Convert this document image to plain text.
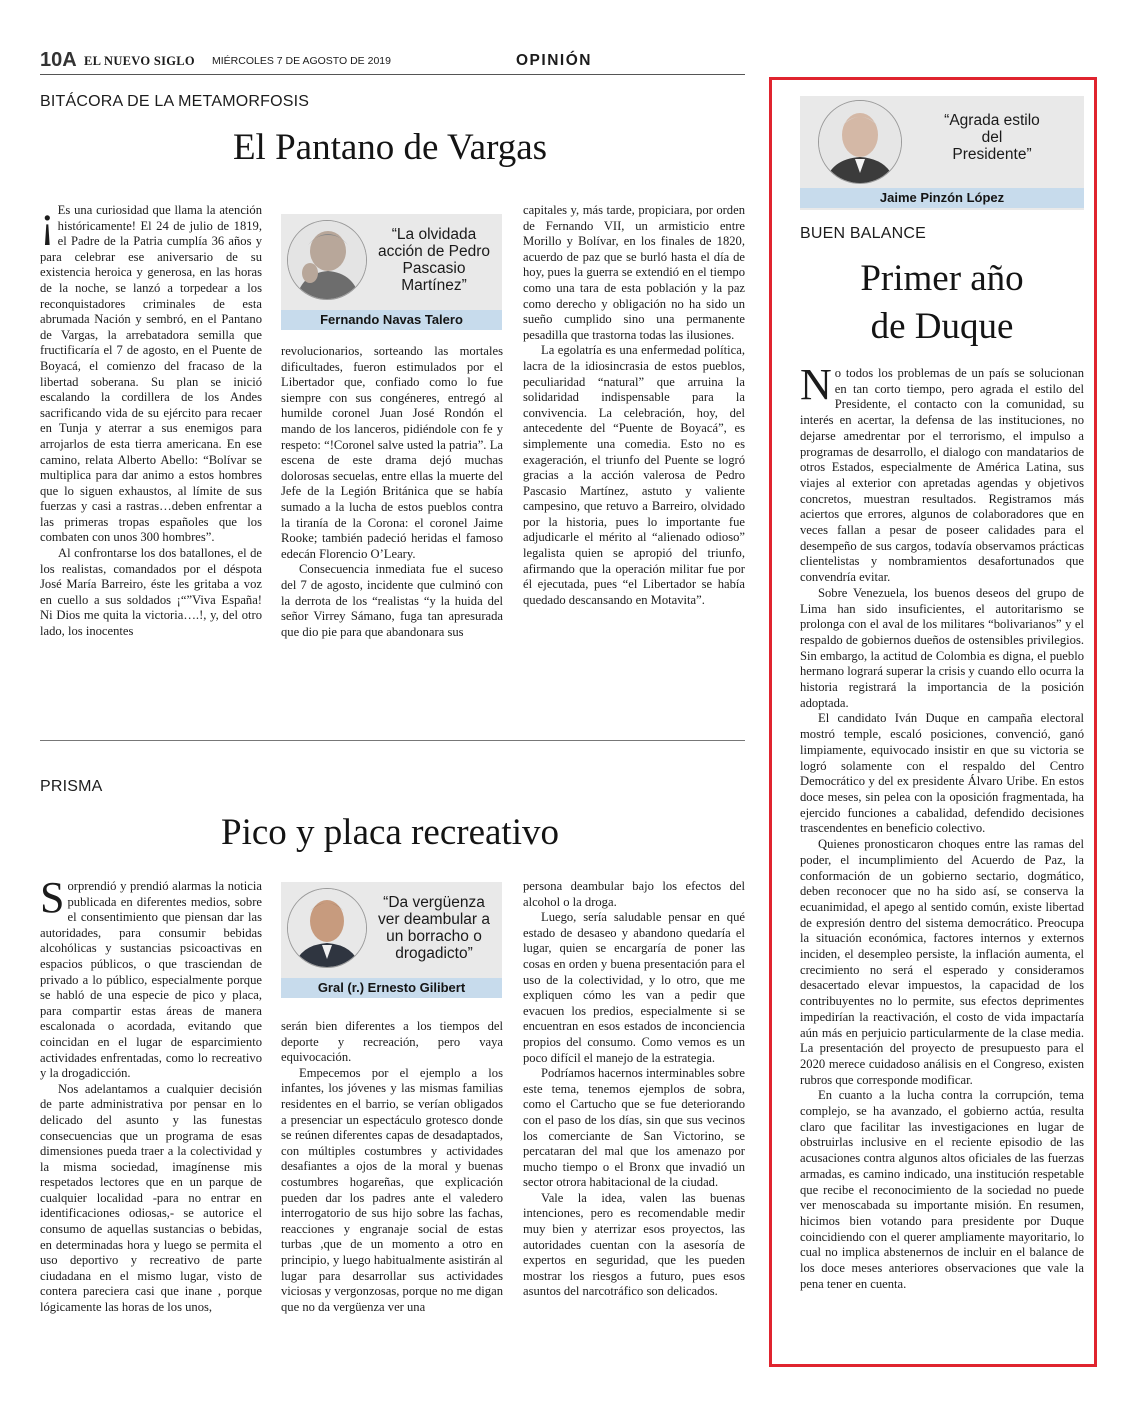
10A EL NUEVO SIGLO MIÉRCOLES 7 DE AGOSTO DE 2019	OPINIÓN
BITÁCORA DE LA METAMORFOSIS
El Pantano de Vargas

¡ Es una curiosidad que llama la atención históricamente! El 24 de julio de 1819, el Padre de la Patria cumplía 36 años y para celebrar ese aniversario de su existencia heroica y generosa, en las horas de la noche, se lanzó a torpedear a los reconquistadores criminales de esta abrumada Nación y sembró, en el Pantano de Vargas, la arrebatadora semilla que fructificaría el 7 de agosto, en el Puente de Boyacá, el comienzo del fracaso de la libertad soberana. Su plan se inició escalando la cordillera de los Andes sacrificando vida de su ejército para recaer en Tunja y aterrar a sus enemigos para arrojarlos de esta tierra americana. En ese camino, relata Alberto Abello: “Bolívar se multiplica para dar animo a estos hombres que lo siguen exhaustos, al límite de sus fuerzas y casi a rastras…deben enfrentar a las primeras tropas españoles que los combaten con unos 300 hombres”.

Al confrontarse los dos batallones, el de los realistas, comandados por el déspota José María Barreiro, éste les gritaba a voz en cuello a sus soldados ¡“”Viva España! Ni Dios me quita la victoria….!, y, del otro lado, los inocentes

“La olvidada acción de Pedro Pascasio Martínez”
Fernando Navas Talero

revolucionarios, sorteando las mortales dificultades, fueron estimulados por el Libertador que, confiado como lo fue siempre con sus congéneres, entregó al humilde coronel Juan José Rondón el mando de los lanceros, pidiéndole con fe y respeto: “!Coronel salve usted la patria”. La escena de este drama dejó muchas dolorosas secuelas, entre ellas la muerte del Jefe de la Legión Británica que se había sumado a la lucha de estos pueblos contra la tiranía de la Corona: el coronel Jaime Rooke; también padeció heridas el famoso edecán Florencio O’Leary.

Consecuencia inmediata fue el suceso del 7 de agosto, incidente que culminó con la derrota de los “realistas “y la huida del señor Virrey Sámano, fuga tan apresurada que dio pie para que abandonara sus

capitales y, más tarde, propiciara, por orden de Fernando VII, un armisticio entre Morillo y Bolívar, en los finales de 1820, acuerdo de paz que se burló hasta el día de hoy, pues la guerra se extendió en el tiempo como una tara de esta población y la paz como derecho y obligación no ha sido un sueño cumplido sino una permanente pesadilla que trastorna todas las ilusiones.

La egolatría es una enfermedad política, lacra de la idiosincrasia de estos pueblos, peculiaridad “natural” que arruina la solidaridad indispensable para la convivencia. La celebración, hoy, del antecedente del “Puente de Boyacá”, es simplemente una comedia. Esto no es exageración, el triunfo del Puente se logró gracias a la acción valerosa de Pedro Pascasio Martínez, astuto y valiente campesino, que retuvo a Barreiro, olvidado por la historia, pues lo importante fue adjudicarle el mérito al “alienado odioso” legalista quien se apropió del triunfo, afirmando que la operación militar fue por él ejecutada, pues “el Libertador se había quedado descansando en Motavita”.

PRISMA
Pico y placa recreativo

Sorprendió y prendió alarmas la noticia publicada en diferentes medios, sobre el consentimiento que piensan dar las autoridades, para consumir bebidas alcohólicas y sustancias psicoactivas en espacios públicos, o que trasciendan de privado a lo público, especialmente porque se habló de una especie de pico y placa, para compartir estas áreas de manera escalonada o acordada, evitando que coincidan en el lugar de esparcimiento actividades enfrentadas, como lo recreativo y la drogadicción.

Nos adelantamos a cualquier decisión de parte administrativa por pensar en lo delicado del asunto y las funestas consecuencias que un programa de esas dimensiones pueda traer a la colectividad y la misma sociedad, imagínense mis respetados lectores que en un parque de cualquier localidad -para no entrar en identificaciones odiosas,- se autorice el consumo de aquellas sustancias o bebidas, en determinadas hora y luego se permita el uso deportivo y recreativo de parte ciudadana en el mismo lugar, visto de contera pareciera casi que inane , porque lógicamente las horas de los unos,

“Da vergüenza ver deambular a un borracho o drogadicto”
Gral (r.) Ernesto Gilibert

serán bien diferentes a los tiempos del deporte y recreación, pero vaya equivocación.

Empecemos por el ejemplo a los infantes, los jóvenes y las mismas familias residentes en el barrio, se verían obligados a presenciar un espectáculo grotesco donde se reúnen diferentes capas de desadaptados, con múltiples costumbres y actividades desafiantes a ojos de la moral y buenas costumbres hogareñas, que explicación pueden dar los padres ante el valedero interrogatorio de sus hijo sobre las fachas, reacciones y engranaje social de estas turbas ,que de un momento a otro en principio, y luego habitualmente asistirán al lugar para desarrollar sus actividades viciosas y vergonzosas, porque no me digan que no da vergüenza ver una

persona deambular bajo los efectos del alcohol o la droga.

Luego, sería saludable pensar en qué estado de desaseo y abandono quedaría el lugar, quien se encargaría de poner las cosas en orden y buena presentación para el uso de la colectividad, y lo otro, que me expliquen cómo les van a pedir que evacuen los predios, especialmente si se encuentran en esos estados de inconciencia propios del consumo. Como vemos es un poco difícil el manejo de la estrategia.

Podríamos hacernos interminables sobre este tema, tenemos ejemplos de sobra, como el Cartucho que se fue deteriorando con el paso de los días, sin que sus vecinos los comerciante de San Victorino, se percataran del mal que los amenazo por mucho tiempo o el Bronx que invadió un sector otrora habitacional de la ciudad.

Vale la idea, valen las buenas intenciones, pero es recomendable medir muy bien y aterrizar esos proyectos, las autoridades cuentan con la asesoría de expertos en seguridad, que les pueden mostrar los riesgos a futuro, pues esos asuntos del narcotráfico son delicados.

“Agrada estilo del Presidente”
Jaime Pinzón López
BUEN BALANCE
Primer año
de Duque

No todos los problemas de un país se solucionan en tan corto tiempo, pero agrada el estilo del Presidente, el contacto con la comunidad, su interés en acertar, la defensa de las instituciones, no dejarse amedrentar por el terrorismo, el impulso a programas de desarrollo, el dialogo con mandatarios de otros Estados, especialmente de América Latina, sus viajes al exterior con apretadas agendas y objetivos concretos, muestran resultados. Registramos más aciertos que errores, algunos de colaboradores que en veces fallan a pesar de poseer calidades para el desempeño de sus cargos, todavía observamos prácticas clientelistas y nombramientos desafortunados que convendría evitar.

Sobre Venezuela, los buenos deseos del grupo de Lima han sido insuficientes, el autoritarismo se prolonga con el aval de los militares “bolivarianos” y el respaldo de gobiernos dueños de ostensibles privilegios. Sin embargo, la actitud de Colombia es digna, el pueblo hermano logrará superar la crisis y cuando ello ocurra la historia registrará la importancia de la posición adoptada.

El candidato Iván Duque en campaña electoral mostró temple, escaló posiciones, convenció, ganó limpiamente, equivocado insistir en que su victoria se logró solamente con el respaldo del Centro Democrático y del ex presidente Álvaro Uribe. En estos doce meses, sin pelea con la oposición fragmentada, ha ejercido funciones a cabalidad, defendido decisiones trascendentes en beneficio colectivo.

Quienes pronosticaron choques entre las ramas del poder, el incumplimiento del Acuerdo de Paz, la conformación de un gobierno sectario, dogmático, deben reconocer que no ha sido así, se conserva la ecuanimidad, el apego al sentido común, existe libertad de expresión dentro del sistema democrático. Preocupa la situación económica, factores internos y externos inciden, el desempleo persiste, la inflación aumenta, el crecimiento no será el esperado y consideramos desacertado elevar impuestos, la capacidad de los contribuyentes no lo permite, sus efectos deprimentes impedirían la reactivación, el costo de vida impactaría aún más en perjuicio particularmente de la clase media. La presentación del proyecto de presupuesto para el 2020 merece cuidadoso análisis en el Congreso, existen rubros que corresponde modificar.

En cuanto a la lucha contra la corrupción, tema complejo, se ha avanzado, el gobierno actúa, resulta claro que facilitar las investigaciones en lugar de obstruirlas inclusive en el reciente episodio de las acusaciones contra algunos altos oficiales de las fuerzas armadas, es camino indicado, una institución respetable que recibe el reconocimiento de la sociedad no puede ver menoscabada su importante misión. En resumen, hicimos bien votando para presidente por Duque coincidiendo con el querer ampliamente mayoritario, lo cual no implica abstenernos de incluir en el balance de los doce meses anteriores observaciones que vale la pena tener en cuenta.
